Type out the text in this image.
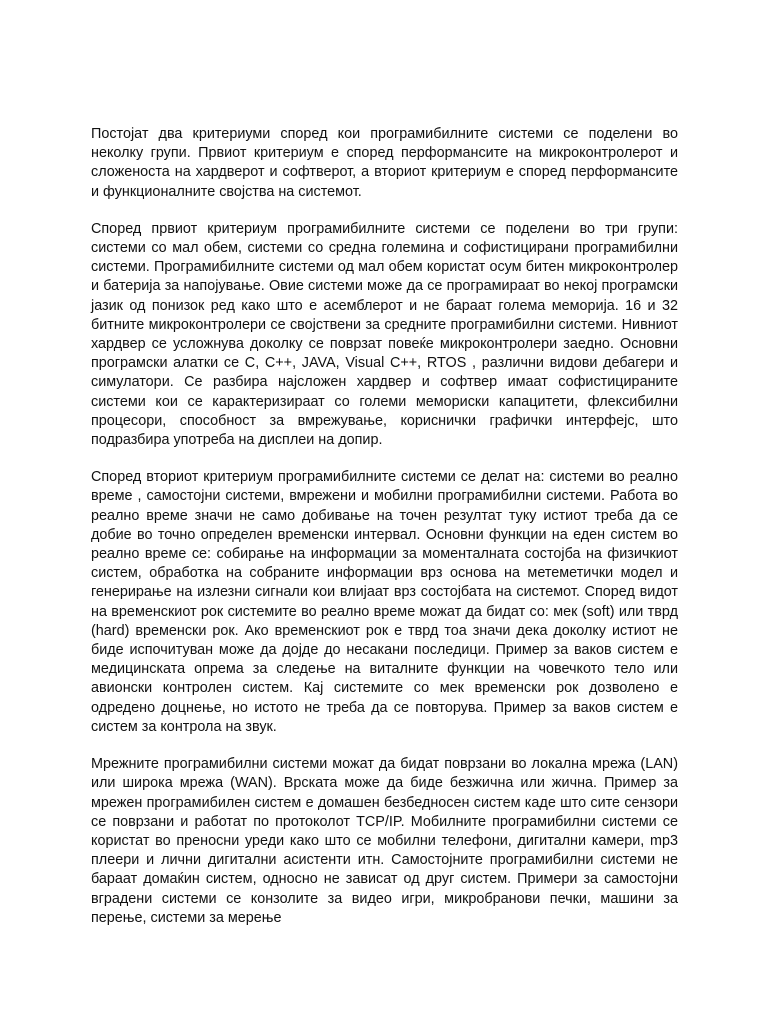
Постојат два критериуми според кои програмибилните системи се поделени во неколку групи. Првиот критериум е според перформансите на микроконтролерот и сложеноста на хардверот и софтверот, а вториот критериум е според перформансите и функционалните својства на системот.

Според првиот критериум програмибилните системи се поделени во три групи: системи со мал обем, системи со средна големина и софистицирани програмибилни системи. Програмибилните системи од мал обем користат осум битен микроконтролер и батерија за напојување. Овие системи може да се програмираат во некој програмски јазик од понизок ред како што е асемблерот и не бараат голема меморија. 16 и 32 битните микроконтролери се својствени за средните програмибилни системи. Нивниот хардвер се усложнува доколку се поврзат повеќе микроконтролери заедно. Основни програмски алатки се C, C++, JAVA, Visual C++, RTOS , различни видови дебагери и симулатори. Се разбира најсложен хардвер и софтвер имаат софистицираните системи кои се карактеризираат со големи мемориски капацитети, флексибилни процесори, способност за вмрежување, кориснички графички интерфејс, што подразбира употреба на дисплеи на допир.

Според вториот критериум програмибилните системи се делат на: системи во реално време , самостојни системи, вмрежени и мобилни програмибилни системи. Работа во реално време значи не само добивање на точен резултат туку истиот треба да се добие во точно определен временски интервал. Основни функции на еден систем во реално време се: собирање на информации за моменталната состојба на физичкиот систем, обработка на собраните информации врз основа на метеметички модел и генерирање на излезни сигнали кои влијаат врз состојбата на системот. Според видот на временскиот рок системите во реално време можат да бидат со: мек (soft) или тврд (hard) временски рок. Ако временскиот рок е тврд тоа значи дека доколку истиот не биде испочитуван може да дојде до несакани последици. Пример за ваков систем е медицинската опрема за следење на виталните функции на човечкото тело или авионски контролен систем. Кај системите со мек временски рок дозволено е одредено доцнење, но истото не треба да се повторува. Пример за ваков систем е систем за контрола на звук.

Мрежните програмибилни системи можат да бидат поврзани во локална мрежа (LAN) или широка мрежа (WAN). Врската може да биде безжична или жична. Пример за мрежен програмибилен систем е домашен безбедносен систем каде што сите сензори се поврзани и работат по протоколот TCP/IP. Мобилните програмибилни системи се користат во преносни уреди како што се мобилни телефони, дигитални камери, mp3 плеери и лични дигитални асистенти итн. Самостојните програмибилни системи не бараат домаќин систем, односно не зависат од друг систем. Примери за самостојни вградени системи се конзолите за видео игри, микробранови печки, машини за перење, системи за мерење
